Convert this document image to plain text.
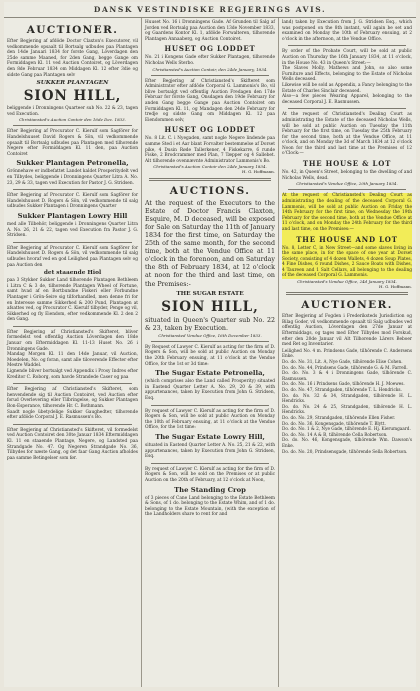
DANSK VESTINDISKE REGJERINGS AVIS.
AUCTIONER.

Efter Begjering af afdöde Doctor Claxton's Executorer, vil vedkommende opsaalt til Bortsalg udbudes paa Plantagen den 14de Januari 1834 for forste Gang, Löverdagen den 25de samme Maaned, for 2den Gang, begge Gange om Formiddagen Kl. 11 ved Auction Contoiret, og Löverdagen den 8de Februar 1834 om Middagen Kl. 12 efter 3die og sidste Gang paa Plantagen selv

SUKKER PLANTAGEN
SION HILL,

beliggende i Dronningens Quarteer sub No. 22 & 23, tagen ved Execution.

Christiansted's Auction Contoir den 16de Dec. 1833.

Efter Begjering af Procurator C. Kierulf som Sagförer for Handelshuuset David Rogers & Sön, vil vedkommende opsaalt til Bortsalg udbudes paa Plantagen med tilhorende Negere efter Formiddagen Kl. 11 den, paa Auction Contoiret

Sukker Plantagen Petronella,

Grönnehave er indbefattet Landet kaldet Prosperitydelt ved en Tilbydes, beliggende i Dronningens Quarter Litra A. No. 23, 29 & 33, tagen ved Execution for Pastor J. G. Stridsen.

Efter Begjering af Procurator C. Kierulf som Sagförer for Handelshuuset D. Rogers & Sön, vil vedkommende til salg udbudes Sukker Plantagen i Dronningens Quarter

Sukker Plantagen Lowry Hill

med alle Tilbehör, beliggende i Dronningens Quarter Litra A. No. 26, 21 & 22, tagen ved Execution fra Pastor J. G. Stridsen.

Efter Begjering af Procurator C. Kierulf som Sagförer for Handelshuuset D. Rogers & Sön, vil vedkommende til salg udbudes hvoraf ved en god Leilighed paa Plantagen selv og paa Auction den

det staaende Hiol

paa 3 Stykker Sukker Land tilhorende Plantagen Bethleem i Litra C & 3 de, tilhorende Plantagen Wheel of Fortune, samt hvad af en Bortbundne Fiskeri eller Forbundne Plantager i Grön-Seire sig tilforhandled, men denne fri for en Interesse samme Sikkerhed & 200 Pund, Plantagen at afsattes ved, og Procurator C. Kierulf tilbyder, Penge og vil, Sikkerhed og fly Eiendom, efter vedkommende Kl. 2 den 2 den Gang.

Efter Begjering af Christiansted's Skifteret, bliver formedelst ved offentlig Auction Löverdagen den 18de Januar om Eftermiddagen Kl. 11-13 Huset No. 26 i Dronningens Gade.

Mandag Morgen Kl. 11 den 14de Januar, vil Auction, Moedelen, No. og foran, samt alle tiloverende Effecter efter Mestre Waddel.

Lignende bliver bortsalgt ved Appendix i Prosy Indres efter Kreditor C. Roborg, som havde Strandede Caser og paa

Efter Begjering af Christiansted's Skifteret, som henvendende sig til Auction Contoiret, ved Auction efter forud Overlevering eller Tilbringelse, og Sukker Plantagen Bon-Esperance, tilhorende Hr. C. Bothmann.

Saadt nogle übetydelige Sukker Gaughedter, tilhorende efter afdöde Corporal J. E. Rasmussen's Bo.

Efter Begjering af Christiansted's Skifteret, vil formedelst ved Auction Contoiret den 30te Januar 1834 Eftermiddagen Kl. 11 en staaende Plantage, Negere, og Landsted paa Strandgade No. 47. Og Negeren Strandgade No. 36, Tilbydes for næste Gang, og det faar Gang Auction afholdes paa samme Betingelser som før.

Huuset No. 16 i Dronningens Gade. Af Grunden til Salg af Jorden ved Bortsalg paa Auction den 13de November 1833, og Gaardens Kontor Kl. 1, afdöde Forwalteren, tilhorende Plantagen Annaaberg, og Auction Contoiret.

HUSET OG LODDET

No. 21 i Kongens Gade efter Sukker Plantagen, tilhorende Nicholas Wells Sterbo.

Christiansted's Auction Contoir, den 24de January, 1834.

Efter Begjering af Christiansted's Skifteret som Administrator efter afdöde Corporal G. Lammonis's Bo, vil blive bortsalgt ved offentlig Auction Fredagen den 17de Februar for förste Gang, Onsdagen den 19de February for anden Gang begge Gange paa Auction Contoiret om Formiddagen Kl. 11, og Mandagen den 24de February for tredje og sidste Gang om Middagen Kl. 12 paa Eiendommen selv,

HUSET OG LODDET

No. 8 Lit. C. i Nyegaden, samt nogle Negere lindende paa samme Sted i et Aar blant Forvalter bestemmelse af Dorset pike, 4 Dusin Røde Tallerkener, 4 Fiskekarre, 6 runde Fiske, 2 Brodcrammer med Plan, 7 Tæpper og 4 Sallebet. Alt tilhorende ovennævnte Administrator Lammonis's Bo.

Christiansted's Auction Contoir den 24de January 1834.

H. G. Hoffmann.

AUCTIONS.

At the request of the Executors to the Estate of Doctor Francis Claxton, Esquire, M. D deceased, will be exposed for Sale on Saturday the 11th of January 1834 for the first time, on Saturday the 25th of the same month, for the second time, both at the Vendue Office at 11 o'clock in the forenoon, and on Saturday the 8th of February 1834, at 12 o'clock at noon for the third and last time, on the Premises:-

THE SUGAR ESTATE
SION HILL,

situated in Queen's Quarter sub No. 22 & 23, taken by Execution.

Christiansted Vendue Office, 16th December 1833.

By Request of Lawyer C. Kierulf as acting for the firm of D. Rogers & Son, will be sold at public Auction on Monday the 20th February ensuing, at 11 o'clock at the Vendue Office, for the 1st or 3d time:

The Sugar Estate Petronella,

(which comprises also the Land called Prosperity) situated in Eastend Quarter Letter A. No. 29, 20 & 39, with appurtenances, taken by Execution from John G. Stridsen, Esq.

By request of Lawyer C. Kierulf as acting for the firm of D. Rogers & Son, will be sold at public Auction on Monday the 10th of February ensuing, at 11 o'clock at the Vendue Office, for the 1st time:

The Sugar Estate Lowry Hill,

situated in Eastend Quarter Letter A. No. 25, 21 & 22, with appurtenances, taken by Execution from John G. Stridsen, Esq.

By request of Lawyer C. Kierulf as acting for the firm of D. Rogers & Son, will be sold on the Premises or at public Auction on the 20th of February, at 12 o'clock at Noon,

The Standing Crop

of 3 pieces of Cane Land belonging to the Estate Bethleem & Sons, of 1 do. belonging to the Estate Whim, and of 1 do. belonging to the Estate Mountain, (with the exception of the Landholders share to rent for and

land) taken by Execution from J. G. Stridsen Esq., which was postponed on the 8th instant, will again be set and examined on Monday the 10th of February ensuing, at 2 o'clock in the afternoon, at the Vendue Office.

By order of the Probate Court, will be sold at public Auction on Thursday the 16th January 1834, at 11 o'clock, in the House No. 43 in Queen's Street:—

The Slaves Molly, Mathews and John, so also some Furniture and Effects, belonging to the Estate of Nicholas Wells deceased.

Likewise will be sold as Appendix, a Fancy belonging to the Estate of Charles Sinclair deceased.

Also—a few pieces Wearing Apparel, belonging to the deceased Corporal J. E. Rasmussen.

At the request of Christiansted's Dealing Court as administrating the Estate of the deceased Nicholas Wells, will be sold at public Auction on Tuesday the 11th February for the first time, on Tuesday the 25th February for the second time, both at the Vendue Office, at 11 o'clock, and on Monday the 3d of March 1834 at 12 o'clock Noon for the third and last time at the Premises of 12 o'Clock:—

THE HOUSE & LOT

No. 42, in Queen's Street, belonging to the dwelling of and Nicholas Wells, dead.

Christiansted's Vendue Office, 20th January 1834.

At the request of Christiansted's Dealing Court as administrating the dealing of the deceased Corporal G. Lammonis, will be sold at public Auction on Friday the 14th February for the first time, on Wednesday the 19th February for the second time, both at the Vendue Office at 11 o'clock, and on Monday the 24th February for the third and last time, on the Premises:—

THE HOUSE AND LOT

No. 8, Letter C, in New Street—and some slaves living in the same place, in for the space of one year at Dorset Society, consisting of 4 dozen Wallets, 4 dozen Soup Plates, 4 Fine Dishes, 6 round Dishes, 2 Sauce Boats with Dishes, 4 Taureen and 1 Salt Cellars, all belonging to the dealing of the deceased Corporal G. Lammonis.

Christiansted's Vendue Office, 24d January 1834.

H. G. Hoffmann.

AUCTIONER.

Efter Begjering af Fogden i Frederiksteds Jurisdiction og Bilag Goder, vil vedkommende opsaalt til Salg udbudes ved offentlig Auction, Löverdagen den 27de Januar at Eftermiddags, og tages med Efter Tilbydes mod Forskud, efter den 20de Januar vil Alt Tilhorende Lärers Beboer med Ret og Inventarier.

Leilighed No. 4 m. Prindsens Gade, tilhörende C. Andersens Enke.
Do. do. No. 31, Lit. A, Nye Gade, tilhörende Elise Cohen.
Do. do. No. 44, Prindsens Gade, tilhörende G. & M. Farrell.
Do. do. No. 3 & 4 i Dronningens Gade, tilhörende C. Rasmussen.
Do. do. No. 16 i Prindsens Gade, tilhörende H. J. Moewes.
Do. do. No. 47, Strandgaden, tilhörende T. L. Hendricks.
Do. do. No. 32 & 34, Strandgaden, tilhörende H. L. Hendricks.
Do. do. No. 24 & 25, Strandgaden, tilhörende H. L. Hendricks.
Do. do. No. 29, Strandgaden, tilhörende Ellen Fisher.
Do. do. No. 36, Kongensgade, tilhörende T. Blytt.
Do. do. No. 1 & 2, Nye Gade, tilhörende E. Hj. Kierumgaard.
Do. do. No. 14 A & B, tilhörende Cella Robertson.
Do. do. No. 46, Kongensgade, tilhörende Wm. Dawson's Enke.
Do. do. No. 20, Prindsensgade, tilhörende Sella Robertson.
